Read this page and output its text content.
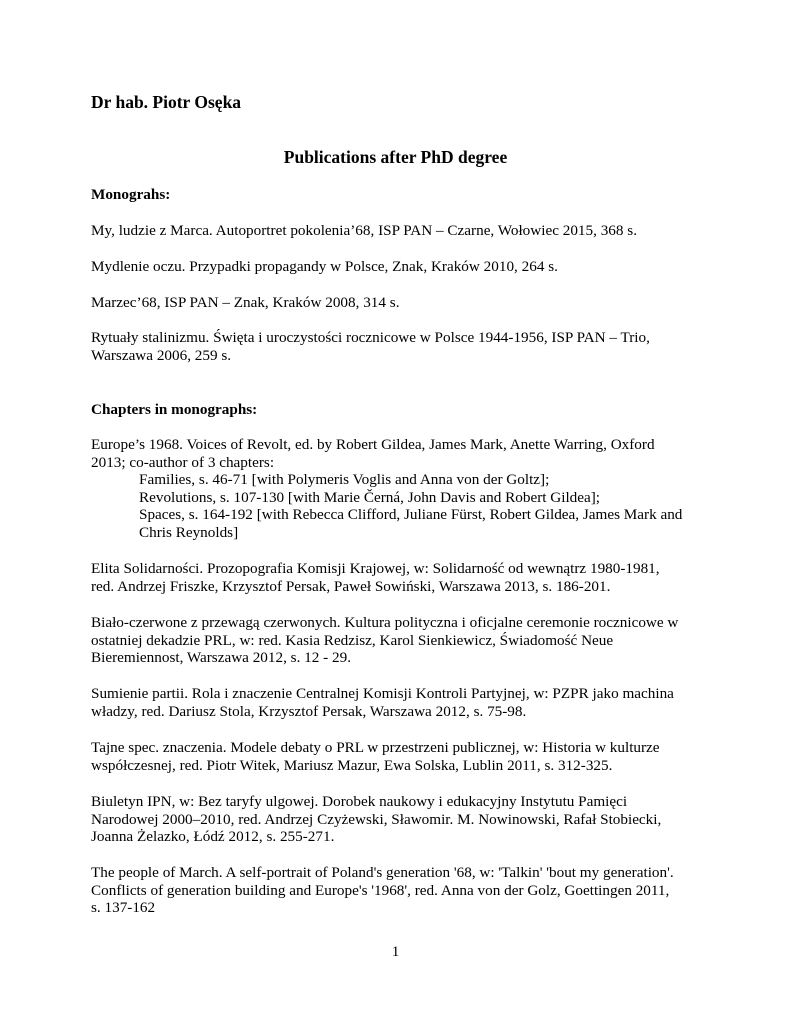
Dr hab. Piotr Osęka
Publications after PhD degree
Monograhs:
My, ludzie z Marca. Autoportret pokolenia’68, ISP PAN – Czarne, Wołowiec 2015, 368 s.
Mydlenie oczu. Przypadki propagandy w Polsce, Znak, Kraków 2010, 264 s.
Marzec’68, ISP PAN – Znak, Kraków 2008, 314 s.
Rytuały stalinizmu. Święta i uroczystości rocznicowe w Polsce 1944-1956, ISP PAN – Trio,
Warszawa 2006, 259 s.
Chapters in monographs:
Europe’s 1968. Voices of Revolt, ed. by Robert Gildea, James Mark, Anette Warring, Oxford
2013; co-author of 3 chapters:
Families, s. 46-71 [with Polymeris Voglis and Anna von der Goltz];
Revolutions, s. 107-130 [with Marie Černá, John Davis and Robert Gildea];
Spaces, s. 164-192 [with Rebecca Clifford, Juliane Fürst, Robert Gildea, James Mark and
Chris Reynolds]
Elita Solidarności. Prozopografia Komisji Krajowej, w: Solidarność od wewnątrz 1980-1981,
red. Andrzej Friszke, Krzysztof Persak, Paweł Sowiński, Warszawa 2013, s. 186-201.
Biało-czerwone z przewagą czerwonych. Kultura polityczna i oficjalne ceremonie rocznicowe w
ostatniej dekadzie PRL, w: red. Kasia Redzisz, Karol Sienkiewicz, Świadomość Neue
Bieremiennost, Warszawa 2012, s. 12 - 29.
Sumienie partii. Rola i znaczenie Centralnej Komisji Kontroli Partyjnej, w: PZPR jako machina
władzy, red. Dariusz Stola, Krzysztof Persak, Warszawa 2012, s. 75-98.
Tajne spec. znaczenia. Modele debaty o PRL w przestrzeni publicznej, w: Historia w kulturze
współczesnej, red. Piotr Witek, Mariusz Mazur, Ewa Solska, Lublin 2011, s. 312-325.
Biuletyn IPN, w: Bez taryfy ulgowej. Dorobek naukowy i edukacyjny Instytutu Pamięci
Narodowej 2000–2010, red. Andrzej Czyżewski, Sławomir. M. Nowinowski, Rafał Stobiecki,
Joanna Żelazko, Łódź 2012, s. 255-271.
The people of March. A self-portrait of Poland's generation '68, w: 'Talkin' 'bout my generation'.
Conflicts of generation building and Europe's '1968', red. Anna von der Golz, Goettingen 2011,
s. 137-162
1
